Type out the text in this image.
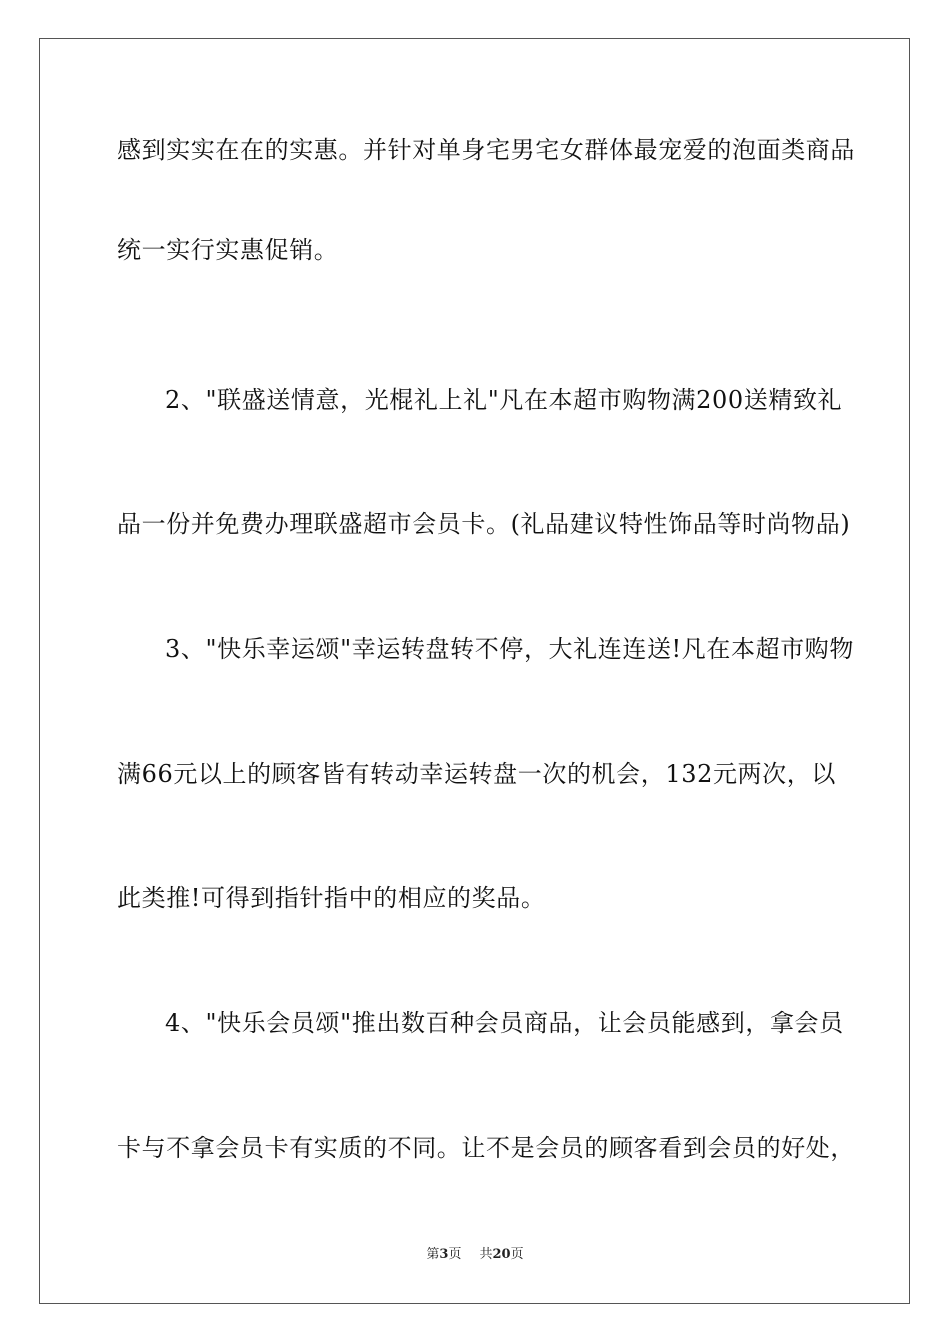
感到实实在在的实惠。并针对单身宅男宅女群体最宠爱的泡面类商品
统一实行实惠促销。
2、"联盛送情意，光棍礼上礼"凡在本超市购物满200送精致礼
品一份并免费办理联盛超市会员卡。(礼品建议特性饰品等时尚物品)
3、"快乐幸运颂"幸运转盘转不停，大礼连连送!凡在本超市购物
满66元以上的顾客皆有转动幸运转盘一次的机会，132元两次，以
此类推!可得到指针指中的相应的奖品。
4、"快乐会员颂"推出数百种会员商品，让会员能感到，拿会员
卡与不拿会员卡有实质的不同。让不是会员的顾客看到会员的好处，
第3页 共20页
